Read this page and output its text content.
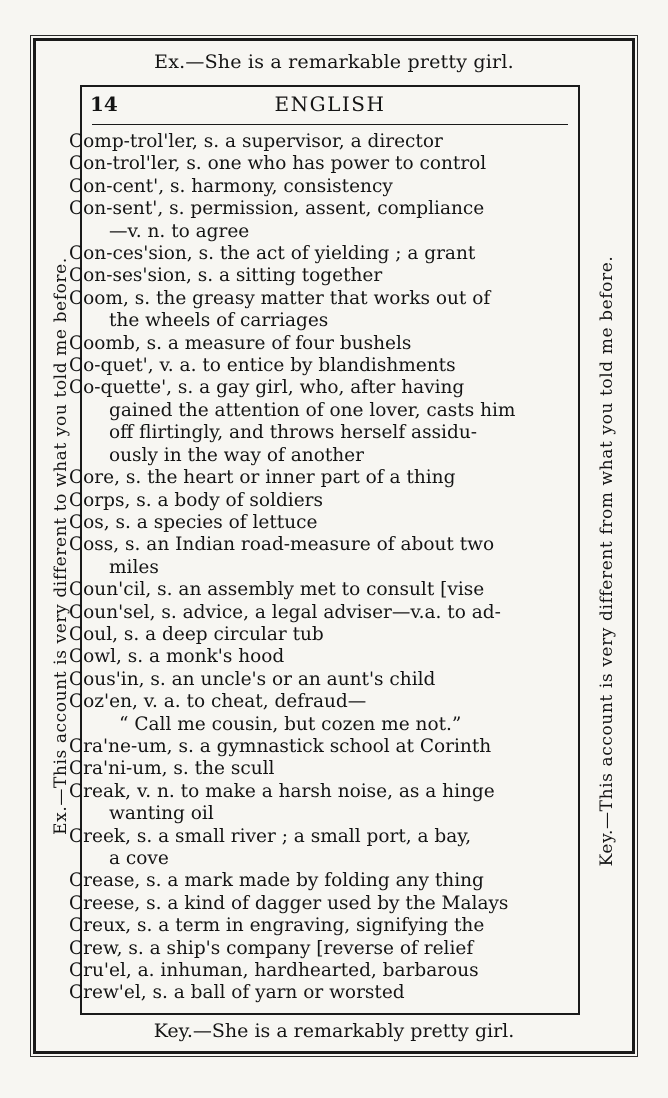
Ex.—She is a remarkable pretty girl.
Ex.—This account is very different to what you told me before.	Key.—This account is very different from what you told me before.
14	ENGLISH
Comp-trol'ler, s. a supervisor, a director
Con-trol'ler, s. one who has power to control
Con-cent', s. harmony, consistency
Con-sent', s. permission, assent, compliance
—v. n. to agree
Con-ces'sion, s. the act of yielding ; a grant
Con-ses'sion, s. a sitting together
Coom, s. the greasy matter that works out of
the wheels of carriages
Coomb, s. a measure of four bushels
Co-quet', v. a. to entice by blandishments
Co-quette', s. a gay girl, who, after having
gained the attention of one lover, casts him
off flirtingly, and throws herself assidu-
ously in the way of another
Core, s. the heart or inner part of a thing
Corps, s. a body of soldiers
Cos, s. a species of lettuce
Coss, s. an Indian road-measure of about two
miles
Coun'cil, s. an assembly met to consult [vise
Coun'sel, s. advice, a legal adviser—v.a. to ad-
Coul, s. a deep circular tub
Cowl, s. a monk's hood
Cous'in, s. an uncle's or an aunt's child
Coz'en, v. a. to cheat, defraud—
“ Call me cousin, but cozen me not.”
Cra'ne-um, s. a gymnastick school at Corinth
Cra'ni-um, s. the scull
Creak, v. n. to make a harsh noise, as a hinge
wanting oil
Creek, s. a small river ; a small port, a bay,
a cove
Crease, s. a mark made by folding any thing
Creese, s. a kind of dagger used by the Malays
Creux, s. a term in engraving, signifying the
Crew, s. a ship's company [reverse of relief
Cru'el, a. inhuman, hardhearted, barbarous
Crew'el, s. a ball of yarn or worsted
Key.—She is a remarkably pretty girl.
